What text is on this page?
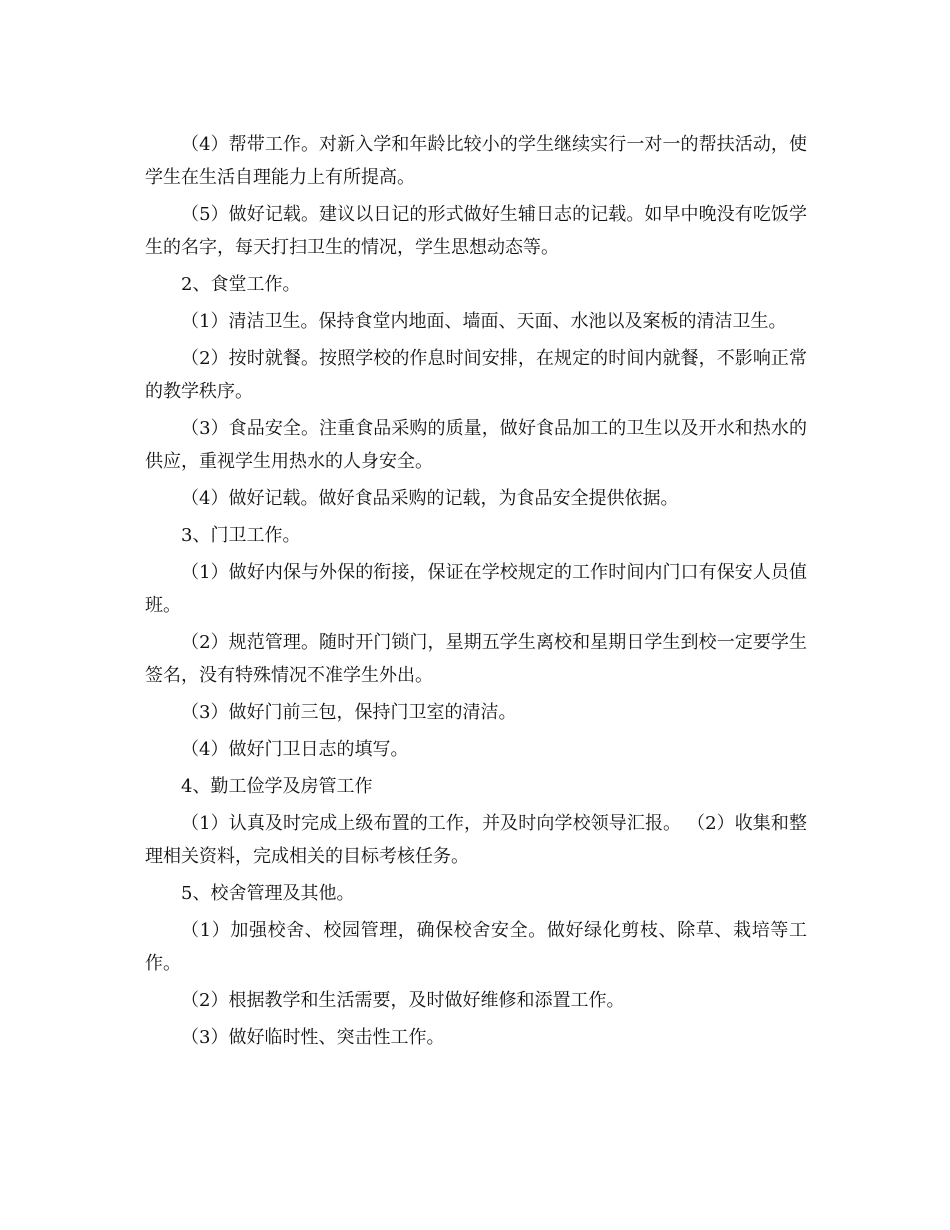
（4）帮带工作。对新入学和年龄比较小的学生继续实行一对一的帮扶活动，使学生在生活自理能力上有所提高。

（5）做好记载。建议以日记的形式做好生辅日志的记载。如早中晚没有吃饭学生的名字，每天打扫卫生的情况，学生思想动态等。

2、食堂工作。

（1）清洁卫生。保持食堂内地面、墙面、天面、水池以及案板的清洁卫生。

（2）按时就餐。按照学校的作息时间安排，在规定的时间内就餐，不影响正常的教学秩序。

（3）食品安全。注重食品采购的质量，做好食品加工的卫生以及开水和热水的供应，重视学生用热水的人身安全。

（4）做好记载。做好食品采购的记载，为食品安全提供依据。

3、门卫工作。

（1）做好内保与外保的衔接，保证在学校规定的工作时间内门口有保安人员值班。

（2）规范管理。随时开门锁门，星期五学生离校和星期日学生到校一定要学生签名，没有特殊情况不准学生外出。

（3）做好门前三包，保持门卫室的清洁。

（4）做好门卫日志的填写。

4、勤工俭学及房管工作

（1）认真及时完成上级布置的工作，并及时向学校领导汇报。 （2）收集和整理相关资料，完成相关的目标考核任务。

5、校舍管理及其他。

（1）加强校舍、校园管理，确保校舍安全。做好绿化剪枝、除草、栽培等工作。

（2）根据教学和生活需要，及时做好维修和添置工作。

（3）做好临时性、突击性工作。
